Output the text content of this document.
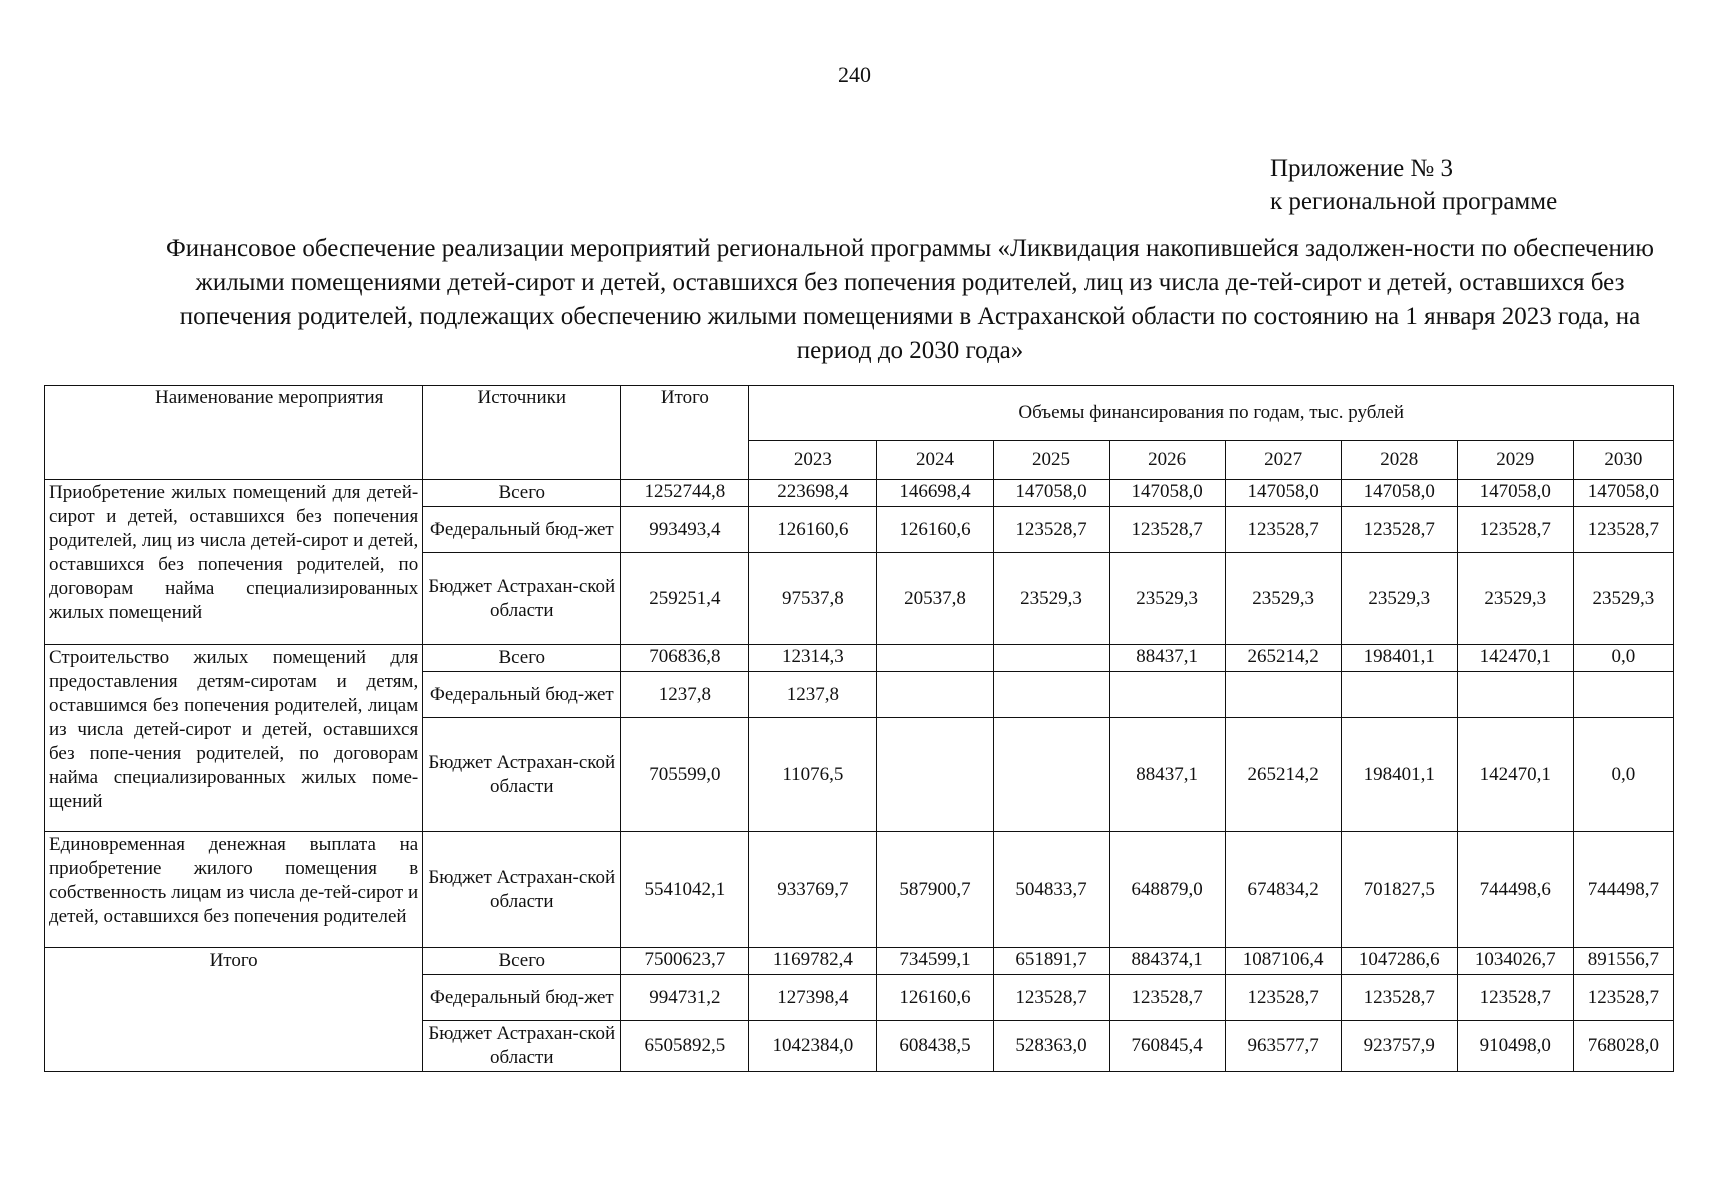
240
Приложение № 3
к региональной программе
Финансовое обеспечение реализации мероприятий региональной программы «Ликвидация накопившейся задолжен-ности по обеспечению жилыми помещениями детей-сирот и детей, оставшихся без попечения родителей, лиц из числа де-тей-сирот и детей, оставшихся без попечения родителей, подлежащих обеспечению жилыми помещениями в Астраханской области по состоянию на 1 января 2023 года, на период до 2030 года»
Наименование мероприятия	Источники	Итого	Объемы финансирования по годам, тыс. рублей							
			2023	2024	2025	2026	2027	2028	2029	2030
Приобретение жилых помещений для детей-сирот и детей, оставшихся без попечения родителей, лиц из числа детей-сирот и детей, оставшихся без попечения родителей, по договорам найма специализированных жилых помещений	Всего	1252744,8	223698,4	146698,4	147058,0	147058,0	147058,0	147058,0	147058,0	147058,0
	Федеральный бюд-жет	993493,4	126160,6	126160,6	123528,7	123528,7	123528,7	123528,7	123528,7	123528,7
	Бюджет Астрахан-ской области	259251,4	97537,8	20537,8	23529,3	23529,3	23529,3	23529,3	23529,3	23529,3
Строительство жилых помещений для предоставления детям-сиротам и детям, оставшимся без попечения родителей, лицам из числа детей-сирот и детей, оставшихся без попе-чения родителей, по договорам найма специализированных жилых поме-щений	Всего	706836,8	12314,3			88437,1	265214,2	198401,1	142470,1	0,0
	Федеральный бюд-жет	1237,8	1237,8							
	Бюджет Астрахан-ской области	705599,0	11076,5			88437,1	265214,2	198401,1	142470,1	0,0
Единовременная денежная выплата на приобретение жилого помещения в собственность лицам из числа де-тей-сирот и детей, оставшихся без попечения родителей	Бюджет Астрахан-ской области	5541042,1	933769,7	587900,7	504833,7	648879,0	674834,2	701827,5	744498,6	744498,7
Итого	Всего	7500623,7	1169782,4	734599,1	651891,7	884374,1	1087106,4	1047286,6	1034026,7	891556,7
	Федеральный бюд-жет	994731,2	127398,4	126160,6	123528,7	123528,7	123528,7	123528,7	123528,7	123528,7
	Бюджет Астрахан-ской области	6505892,5	1042384,0	608438,5	528363,0	760845,4	963577,7	923757,9	910498,0	768028,0
